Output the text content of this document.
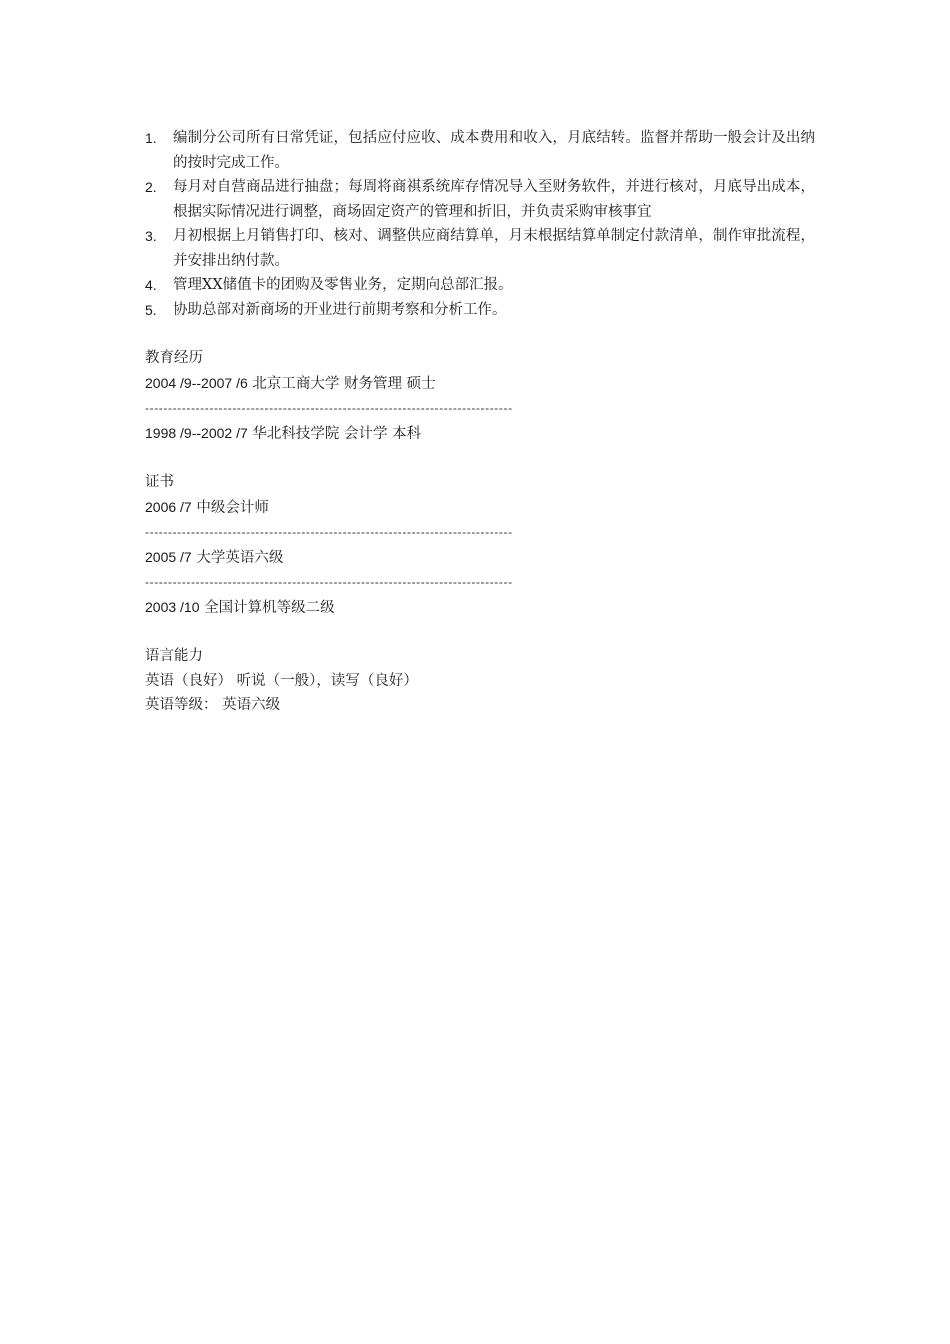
1. 编制分公司所有日常凭证，包括应付应收、成本费用和收入，月底结转。监督并帮助一般会计及出纳的按时完成工作。
2. 每月对自营商品进行抽盘；每周将商祺系统库存情况导入至财务软件，并进行核对，月底导出成本，根据实际情况进行调整，商场固定资产的管理和折旧，并负责采购审核事宜
3. 月初根据上月销售打印、核对、调整供应商结算单，月末根据结算单制定付款清单，制作审批流程，并安排出纳付款。
4. 管理XX储值卡的团购及零售业务，定期向总部汇报。
5. 协助总部对新商场的开业进行前期考察和分析工作。
教育经历
2004 /9--2007 /6 北京工商大学 财务管理 硕士
--------------------------------------------------------------------------------
1998 /9--2002 /7 华北科技学院 会计学 本科
证书
2006 /7 中级会计师
--------------------------------------------------------------------------------
2005 /7 大学英语六级
--------------------------------------------------------------------------------
2003 /10 全国计算机等级二级
语言能力
英语（良好） 听说（一般），读写（良好）
英语等级： 英语六级
